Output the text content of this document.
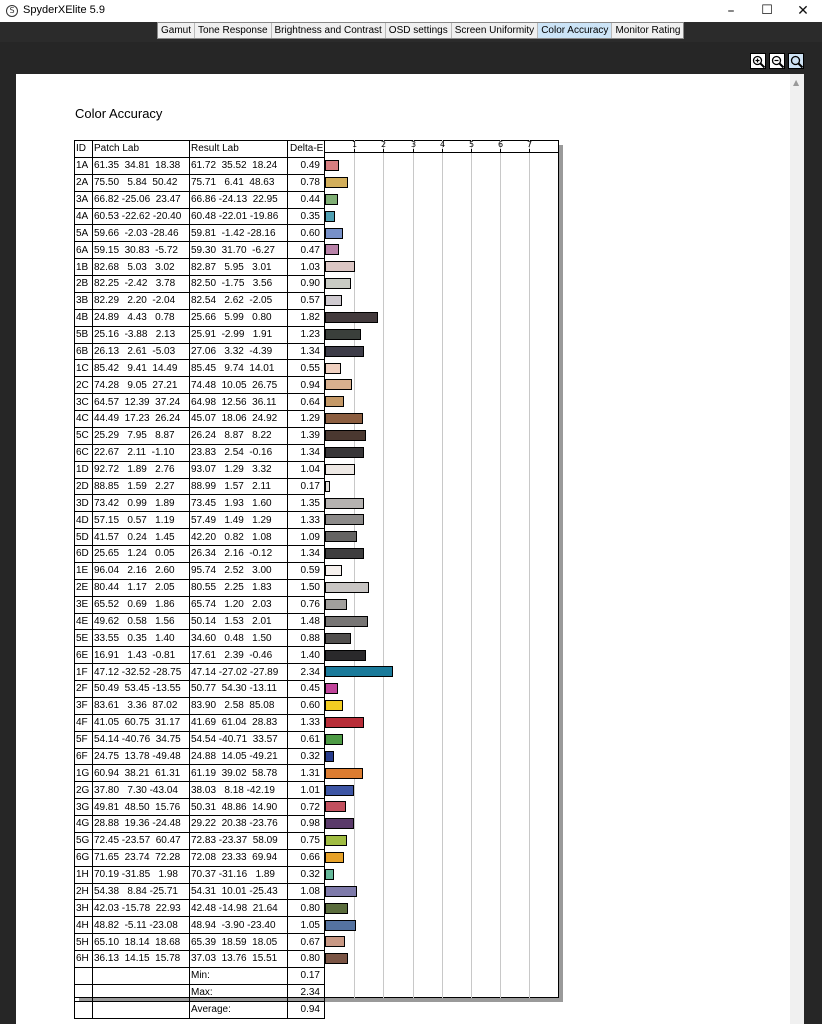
S SpyderXElite 5.9	–	☐	✕
Gamut Tone Response Brightness and Contrast OSD settings Screen Uniformity Color Accuracy Monitor Rating
▲
Color Accuracy
ID	Patch Lab	Result Lab	Delta-E
1A	61.35  34.81  18.38	61.72  35.52  18.24	0.49
2A	75.50   5.84  50.42	75.71   6.41  48.63	0.78
3A	66.82 -25.06  23.47	66.86 -24.13  22.95	0.44
4A	60.53 -22.62 -20.40	60.48 -22.01 -19.86	0.35
5A	59.66  -2.03 -28.46	59.81  -1.42 -28.16	0.60
6A	59.15  30.83  -5.72	59.30  31.70  -6.27	0.47
1B	82.68   5.03   3.02	82.87   5.95   3.01	1.03
2B	82.25  -2.42   3.78	82.50  -1.75   3.56	0.90
3B	82.29   2.20  -2.04	82.54   2.62  -2.05	0.57
4B	24.89   4.43   0.78	25.66   5.99   0.80	1.82
5B	25.16  -3.88   2.13	25.91  -2.99   1.91	1.23
6B	26.13   2.61  -5.03	27.06   3.32  -4.39	1.34
1C	85.42   9.41  14.49	85.45   9.74  14.01	0.55
2C	74.28   9.05  27.21	74.48  10.05  26.75	0.94
3C	64.57  12.39  37.24	64.98  12.56  36.11	0.64
4C	44.49  17.23  26.24	45.07  18.06  24.92	1.29
5C	25.29   7.95   8.87	26.24   8.87   8.22	1.39
6C	22.67   2.11  -1.10	23.83   2.54  -0.16	1.34
1D	92.72   1.89   2.76	93.07   1.29   3.32	1.04
2D	88.85   1.59   2.27	88.99   1.57   2.11	0.17
3D	73.42   0.99   1.89	73.45   1.93   1.60	1.35
4D	57.15   0.57   1.19	57.49   1.49   1.29	1.33
5D	41.57   0.24   1.45	42.20   0.82   1.08	1.09
6D	25.65   1.24   0.05	26.34   2.16  -0.12	1.34
1E	96.04   2.16   2.60	95.74   2.52   3.00	0.59
2E	80.44   1.17   2.05	80.55   2.25   1.83	1.50
3E	65.52   0.69   1.86	65.74   1.20   2.03	0.76
4E	49.62   0.58   1.56	50.14   1.53   2.01	1.48
5E	33.55   0.35   1.40	34.60   0.48   1.50	0.88
6E	16.91   1.43  -0.81	17.61   2.39  -0.46	1.40
1F	47.12 -32.52 -28.75	47.14 -27.02 -27.89	2.34
2F	50.49  53.45 -13.55	50.77  54.30 -13.11	0.45
3F	83.61   3.36  87.02	83.90   2.58  85.08	0.60
4F	41.05  60.75  31.17	41.69  61.04  28.83	1.33
5F	54.14 -40.76  34.75	54.54 -40.71  33.57	0.61
6F	24.75  13.78 -49.48	24.88  14.05 -49.21	0.32
1G	60.94  38.21  61.31	61.19  39.02  58.78	1.31
2G	37.80   7.30 -43.04	38.03   8.18 -42.19	1.01
3G	49.81  48.50  15.76	50.31  48.86  14.90	0.72
4G	28.88  19.36 -24.48	29.22  20.38 -23.76	0.98
5G	72.45 -23.57  60.47	72.83 -23.37  58.09	0.75
6G	71.65  23.74  72.28	72.08  23.33  69.94	0.66
1H	70.19 -31.85   1.98	70.37 -31.16   1.89	0.32
2H	54.38   8.84 -25.71	54.31  10.01 -25.43	1.08
3H	42.03 -15.78  22.93	42.48 -14.98  21.64	0.80
4H	48.82  -5.11 -23.08	48.94  -3.90 -23.40	1.05
5H	65.10  18.14  18.68	65.39  18.59  18.05	0.67
6H	36.13  14.15  15.78	37.03  13.76  15.51	0.80
		Min:	0.17
		Max:	2.34
		Average:	0.94
1	2	3	4	5	6	7
